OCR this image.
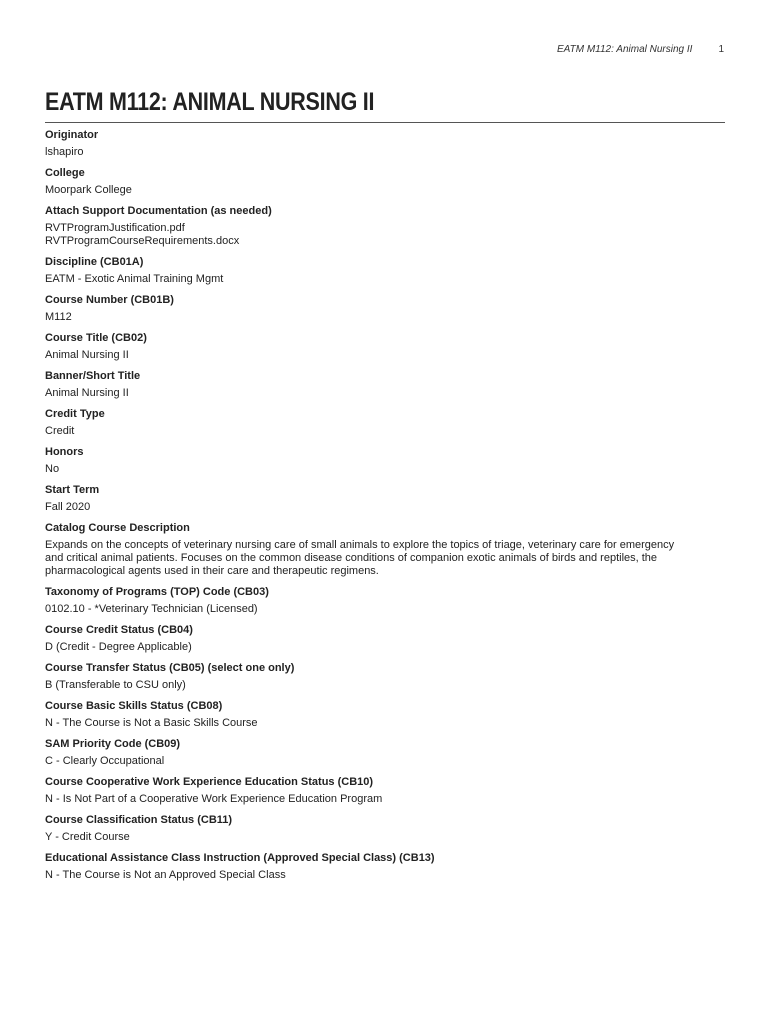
EATM M112: Animal Nursing II	1
EATM M112: ANIMAL NURSING II
Originator
lshapiro
College
Moorpark College
Attach Support Documentation (as needed)
RVTProgramJustification.pdf
RVTProgramCourseRequirements.docx
Discipline (CB01A)
EATM - Exotic Animal Training Mgmt
Course Number (CB01B)
M112
Course Title (CB02)
Animal Nursing II
Banner/Short Title
Animal Nursing II
Credit Type
Credit
Honors
No
Start Term
Fall 2020
Catalog Course Description
Expands on the concepts of veterinary nursing care of small animals to explore the topics of triage, veterinary care for emergency
and critical animal patients. Focuses on the common disease conditions of companion exotic animals of birds and reptiles, the
pharmacological agents used in their care and therapeutic regimens.
Taxonomy of Programs (TOP) Code (CB03)
0102.10 - *Veterinary Technician (Licensed)
Course Credit Status (CB04)
D (Credit - Degree Applicable)
Course Transfer Status (CB05) (select one only)
B (Transferable to CSU only)
Course Basic Skills Status (CB08)
N - The Course is Not a Basic Skills Course
SAM Priority Code (CB09)
C - Clearly Occupational
Course Cooperative Work Experience Education Status (CB10)
N - Is Not Part of a Cooperative Work Experience Education Program
Course Classification Status (CB11)
Y - Credit Course
Educational Assistance Class Instruction (Approved Special Class) (CB13)
N - The Course is Not an Approved Special Class
